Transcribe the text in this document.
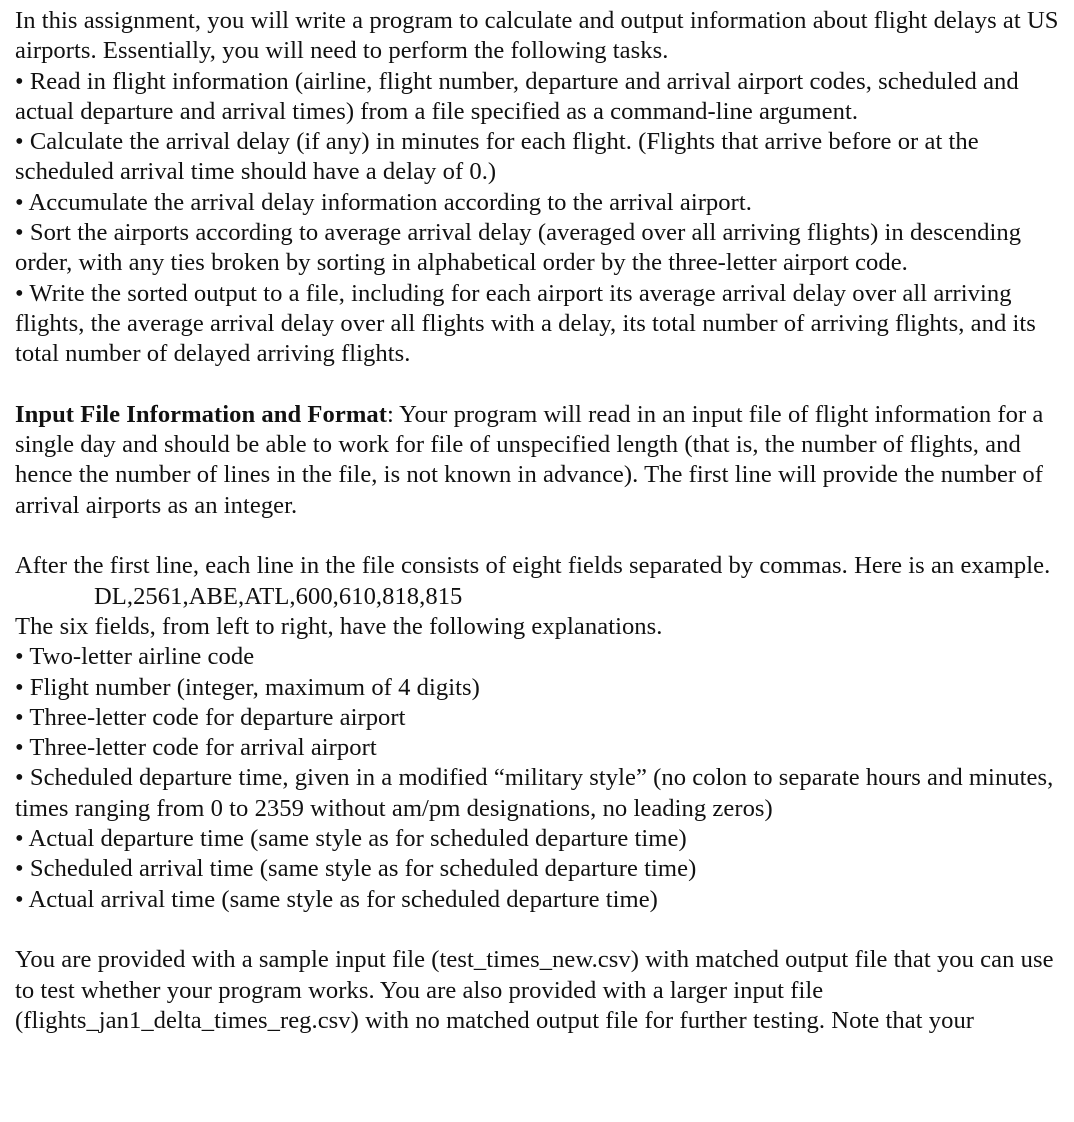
In this assignment, you will write a program to calculate and output information about flight delays at US airports. Essentially, you will need to perform the following tasks.

• Read in flight information (airline, flight number, departure and arrival airport codes, scheduled and actual departure and arrival times) from a file specified as a command-line argument.

• Calculate the arrival delay (if any) in minutes for each flight. (Flights that arrive before or at the scheduled arrival time should have a delay of 0.)

• Accumulate the arrival delay information according to the arrival airport.

• Sort the airports according to average arrival delay (averaged over all arriving flights) in descending order, with any ties broken by sorting in alphabetical order by the three-letter airport code.

• Write the sorted output to a file, including for each airport its average arrival delay over all arriving flights, the average arrival delay over all flights with a delay, its total number of arriving flights, and its total number of delayed arriving flights.

Input File Information and Format: Your program will read in an input file of flight information for a single day and should be able to work for file of unspecified length (that is, the number of flights, and hence the number of lines in the file, is not known in advance). The first line will provide the number of arrival airports as an integer.

After the first line, each line in the file consists of eight fields separated by commas. Here is an example.

DL,2561,ABE,ATL,600,610,818,815

The six fields, from left to right, have the following explanations.

• Two-letter airline code

• Flight number (integer, maximum of 4 digits)

• Three-letter code for departure airport

• Three-letter code for arrival airport

• Scheduled departure time, given in a modified “military style” (no colon to separate hours and minutes, times ranging from 0 to 2359 without am/pm designations, no leading zeros)

• Actual departure time (same style as for scheduled departure time)

• Scheduled arrival time (same style as for scheduled departure time)

• Actual arrival time (same style as for scheduled departure time)

You are provided with a sample input file (test_times_new.csv) with matched output file that you can use to test whether your program works. You are also provided with a larger input file (flights_jan1_delta_times_reg.csv) with no matched output file for further testing. Note that your
